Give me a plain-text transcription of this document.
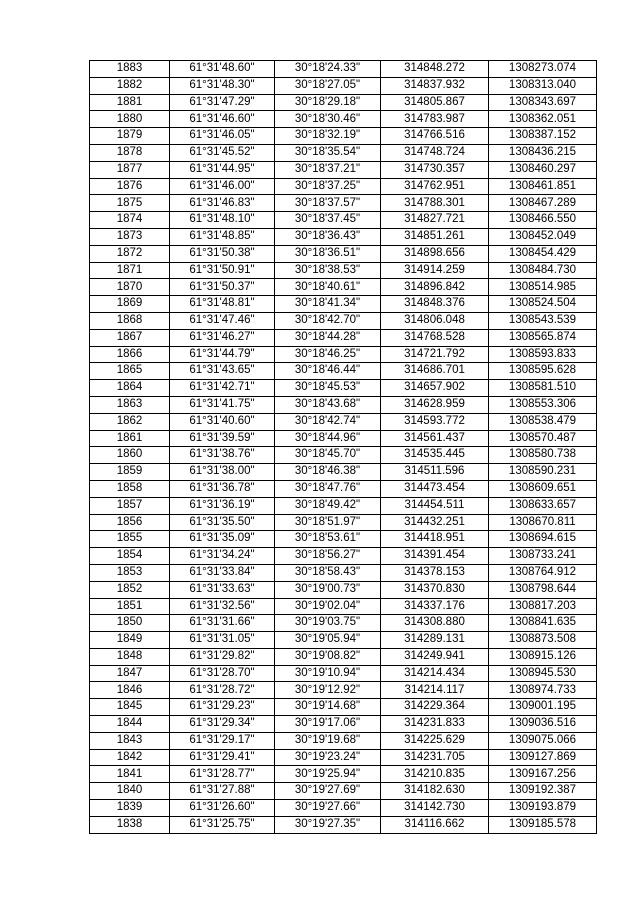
1883	61°31'48.60"	30°18'24.33"	314848.272	1308273.074
1882	61°31'48.30"	30°18'27.05"	314837.932	1308313.040
1881	61°31'47.29"	30°18'29.18"	314805.867	1308343.697
1880	61°31'46.60"	30°18'30.46"	314783.987	1308362.051
1879	61°31'46.05"	30°18'32.19"	314766.516	1308387.152
1878	61°31'45.52"	30°18'35.54"	314748.724	1308436.215
1877	61°31'44.95"	30°18'37.21"	314730.357	1308460.297
1876	61°31'46.00"	30°18'37.25"	314762.951	1308461.851
1875	61°31'46.83"	30°18'37.57"	314788.301	1308467.289
1874	61°31'48.10"	30°18'37.45"	314827.721	1308466.550
1873	61°31'48.85"	30°18'36.43"	314851.261	1308452.049
1872	61°31'50.38"	30°18'36.51"	314898.656	1308454.429
1871	61°31'50.91"	30°18'38.53"	314914.259	1308484.730
1870	61°31'50.37"	30°18'40.61"	314896.842	1308514.985
1869	61°31'48.81"	30°18'41.34"	314848.376	1308524.504
1868	61°31'47.46"	30°18'42.70"	314806.048	1308543.539
1867	61°31'46.27"	30°18'44.28"	314768.528	1308565.874
1866	61°31'44.79"	30°18'46.25"	314721.792	1308593.833
1865	61°31'43.65"	30°18'46.44"	314686.701	1308595.628
1864	61°31'42.71"	30°18'45.53"	314657.902	1308581.510
1863	61°31'41.75"	30°18'43.68"	314628.959	1308553.306
1862	61°31'40.60"	30°18'42.74"	314593.772	1308538.479
1861	61°31'39.59"	30°18'44.96"	314561.437	1308570.487
1860	61°31'38.76"	30°18'45.70"	314535.445	1308580.738
1859	61°31'38.00"	30°18'46.38"	314511.596	1308590.231
1858	61°31'36.78"	30°18'47.76"	314473.454	1308609.651
1857	61°31'36.19"	30°18'49.42"	314454.511	1308633.657
1856	61°31'35.50"	30°18'51.97"	314432.251	1308670.811
1855	61°31'35.09"	30°18'53.61"	314418.951	1308694.615
1854	61°31'34.24"	30°18'56.27"	314391.454	1308733.241
1853	61°31'33.84"	30°18'58.43"	314378.153	1308764.912
1852	61°31'33.63"	30°19'00.73"	314370.830	1308798.644
1851	61°31'32.56"	30°19'02.04"	314337.176	1308817.203
1850	61°31'31.66"	30°19'03.75"	314308.880	1308841.635
1849	61°31'31.05"	30°19'05.94"	314289.131	1308873.508
1848	61°31'29.82"	30°19'08.82"	314249.941	1308915.126
1847	61°31'28.70"	30°19'10.94"	314214.434	1308945.530
1846	61°31'28.72"	30°19'12.92"	314214.117	1308974.733
1845	61°31'29.23"	30°19'14.68"	314229.364	1309001.195
1844	61°31'29.34"	30°19'17.06"	314231.833	1309036.516
1843	61°31'29.17"	30°19'19.68"	314225.629	1309075.066
1842	61°31'29.41"	30°19'23.24"	314231.705	1309127.869
1841	61°31'28.77"	30°19'25.94"	314210.835	1309167.256
1840	61°31'27.88"	30°19'27.69"	314182.630	1309192.387
1839	61°31'26.60"	30°19'27.66"	314142.730	1309193.879
1838	61°31'25.75"	30°19'27.35"	314116.662	1309185.578
